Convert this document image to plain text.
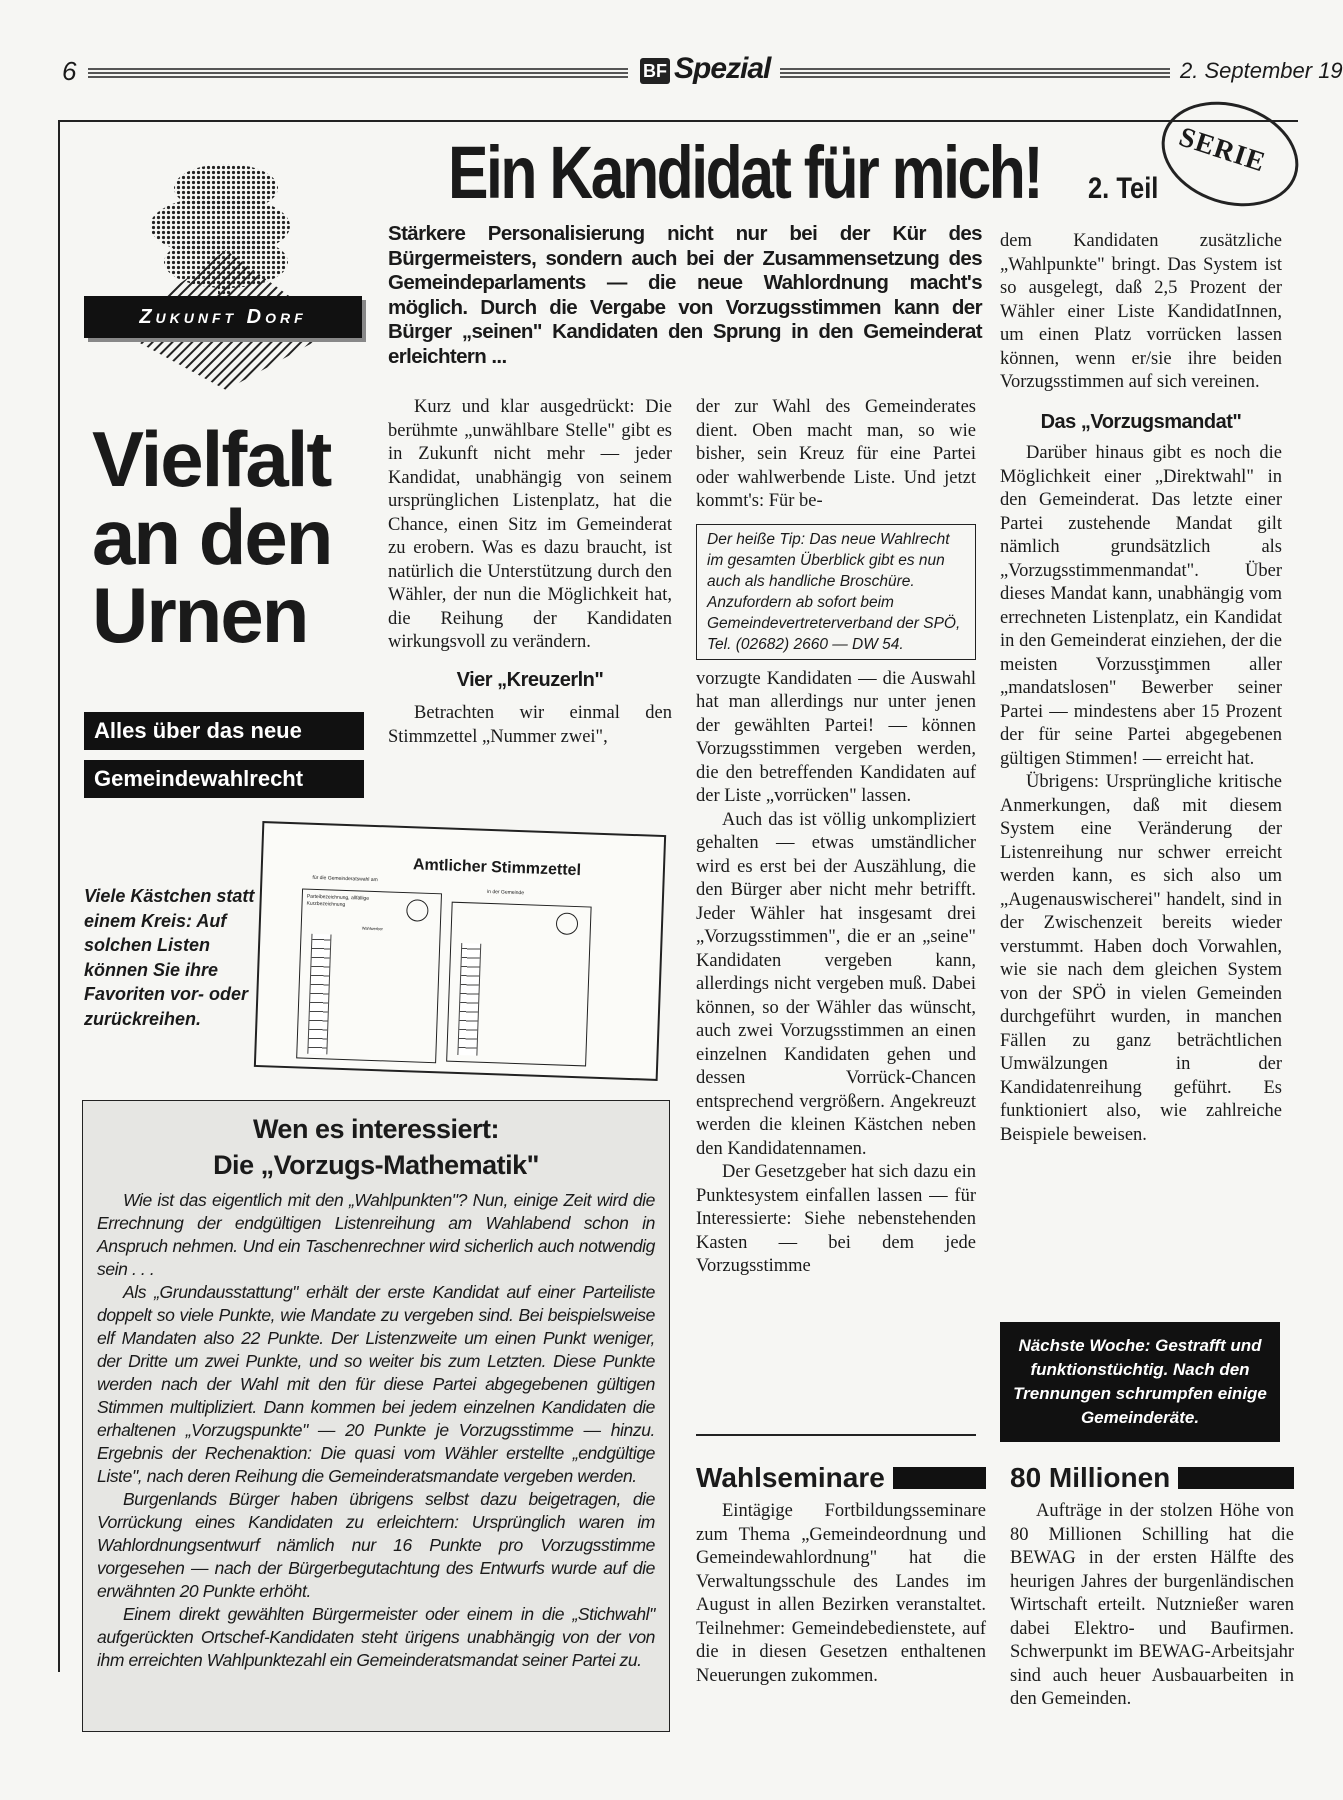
6	BF Spezial	2. September 19
SERIE
Ein Kandidat für mich!	2. Teil
Zukunft Dorf
Vielfalt
an den
Urnen
Alles über das neue
Gemeindewahlrecht
Viele Kästchen statt einem Kreis: Auf solchen Listen können Sie ihre Favoriten vor- oder zurückreihen.
Amtlicher Stimmzettel
für die Gemeinderatswahl am
in der Gemeinde
Parteibezeichnung, allfällige Kurzbezeichnung
Wahlwerber
Stärkere Personalisierung nicht nur bei der Kür des Bürgermeisters, sondern auch bei der Zusammensetzung des Gemeindeparlaments — die neue Wahlordnung macht's möglich. Durch die Vergabe von Vorzugsstimmen kann der Bürger „seinen" Kandidaten den Sprung in den Gemeinderat erleichtern ...

Kurz und klar ausgedrückt: Die berühmte „unwählbare Stelle" gibt es in Zukunft nicht mehr — jeder Kandidat, unabhängig von seinem ursprünglichen Listenplatz, hat die Chance, einen Sitz im Gemeinderat zu erobern. Was es dazu braucht, ist natürlich die Unterstützung durch den Wähler, der nun die Möglichkeit hat, die Reihung der Kandidaten wirkungsvoll zu verändern.

Vier „Kreuzerln"

Betrachten wir einmal den Stimmzettel „Nummer zwei",

der zur Wahl des Gemeinderates dient. Oben macht man, so wie bisher, sein Kreuz für eine Partei oder wahlwerbende Liste. Und jetzt kommt's: Für be-

Der heiße Tip: Das neue Wahlrecht im gesamten Überblick gibt es nun auch als handliche Broschüre. Anzufordern ab sofort beim Gemeindevertreterverband der SPÖ, Tel. (02682) 2660 — DW 54.

vorzugte Kandidaten — die Auswahl hat man allerdings nur unter jenen der gewählten Partei! — können Vorzugsstimmen vergeben werden, die den betreffenden Kandidaten auf der Liste „vorrücken" lassen.

Auch das ist völlig unkompliziert gehalten — etwas umständlicher wird es erst bei der Auszählung, die den Bürger aber nicht mehr betrifft. Jeder Wähler hat insgesamt drei „Vorzugsstimmen", die er an „seine" Kandidaten vergeben kann, allerdings nicht vergeben muß. Dabei können, so der Wähler das wünscht, auch zwei Vorzugsstimmen an einen einzelnen Kandidaten gehen und dessen Vorrück-Chancen entsprechend vergrößern. Angekreuzt werden die kleinen Kästchen neben den Kandidatennamen.

Der Gesetzgeber hat sich dazu ein Punktesystem einfallen lassen — für Interessierte: Siehe nebenstehenden Kasten — bei dem jede Vorzugsstimme

dem Kandidaten zusätzliche „Wahlpunkte" bringt. Das System ist so ausgelegt, daß 2,5 Prozent der Wähler einer Liste KandidatInnen, um einen Platz vorrücken lassen können, wenn er/sie ihre beiden Vorzugsstimmen auf sich vereinen.

Das „Vorzugsmandat"

Darüber hinaus gibt es noch die Möglichkeit einer „Direktwahl" in den Gemeinderat. Das letzte einer Partei zustehende Mandat gilt nämlich grundsätzlich als „Vorzugsstimmenmandat". Über dieses Mandat kann, unabhängig vom errechneten Listenplatz, ein Kandidat in den Gemeinderat einziehen, der die meisten Vorzussţimmen aller „mandatslosen" Bewerber seiner Partei — mindestens aber 15 Prozent der für seine Partei abgegebenen gültigen Stimmen! — erreicht hat.

Übrigens: Ursprüngliche kritische Anmerkungen, daß mit diesem System eine Veränderung der Listenreihung nur schwer erreicht werden kann, es sich also um „Augenauswischerei" handelt, sind in der Zwischenzeit bereits wieder verstummt. Haben doch Vorwahlen, wie sie nach dem gleichen System von der SPÖ in vielen Gemeinden durchgeführt wurden, in manchen Fällen zu ganz beträchtlichen Umwälzungen in der Kandidatenreihung geführt. Es funktioniert also, wie zahlreiche Beispiele beweisen.

Nächste Woche: Gestrafft und funktionstüchtig. Nach den Trennungen schrumpfen einige Gemeinderäte.
Wen es interessiert:
Die „Vorzugs-Mathematik"

Wie ist das eigentlich mit den „Wahlpunkten"? Nun, einige Zeit wird die Errechnung der endgültigen Listenreihung am Wahlabend schon in Anspruch nehmen. Und ein Taschenrechner wird sicherlich auch notwendig sein . . .

Als „Grundausstattung" erhält der erste Kandidat auf einer Parteiliste doppelt so viele Punkte, wie Mandate zu vergeben sind. Bei beispielsweise elf Mandaten also 22 Punkte. Der Listenzweite um einen Punkt weniger, der Dritte um zwei Punkte, und so weiter bis zum Letzten. Diese Punkte werden nach der Wahl mit den für diese Partei abgegebenen gültigen Stimmen multipliziert. Dann kommen bei jedem einzelnen Kandidaten die erhaltenen „Vorzugspunkte" — 20 Punkte je Vorzugsstimme — hinzu. Ergebnis der Rechenaktion: Die quasi vom Wähler erstellte „endgültige Liste", nach deren Reihung die Gemeinderatsmandate vergeben werden.

Burgenlands Bürger haben übrigens selbst dazu beigetragen, die Vorrückung eines Kandidaten zu erleichtern: Ursprünglich waren im Wahlordnungsentwurf nämlich nur 16 Punkte pro Vorzugsstimme vorgesehen — nach der Bürgerbegutachtung des Entwurfs wurde auf die erwähnten 20 Punkte erhöht.

Einem direkt gewählten Bürgermeister oder einem in die „Stichwahl" aufgerückten Ortschef-Kandidaten steht ürigens unabhängig von der von ihm erreichten Wahlpunktezahl ein Gemeinderatsmandat seiner Partei zu.

Wahlseminare

Eintägige Fortbildungsseminare zum Thema „Gemeindeordnung und Gemeindewahlordnung" hat die Verwaltungsschule des Landes im August in allen Bezirken veranstaltet. Teilnehmer: Gemeindebedienstete, auf die in diesen Gesetzen enthaltenen Neuerungen zukommen.

80 Millionen

Aufträge in der stolzen Höhe von 80 Millionen Schilling hat die BEWAG in der ersten Hälfte des heurigen Jahres der burgenländischen Wirtschaft erteilt. Nutznießer waren dabei Elektro- und Baufirmen. Schwerpunkt im BEWAG-Arbeitsjahr sind auch heuer Ausbauarbeiten in den Gemeinden.
